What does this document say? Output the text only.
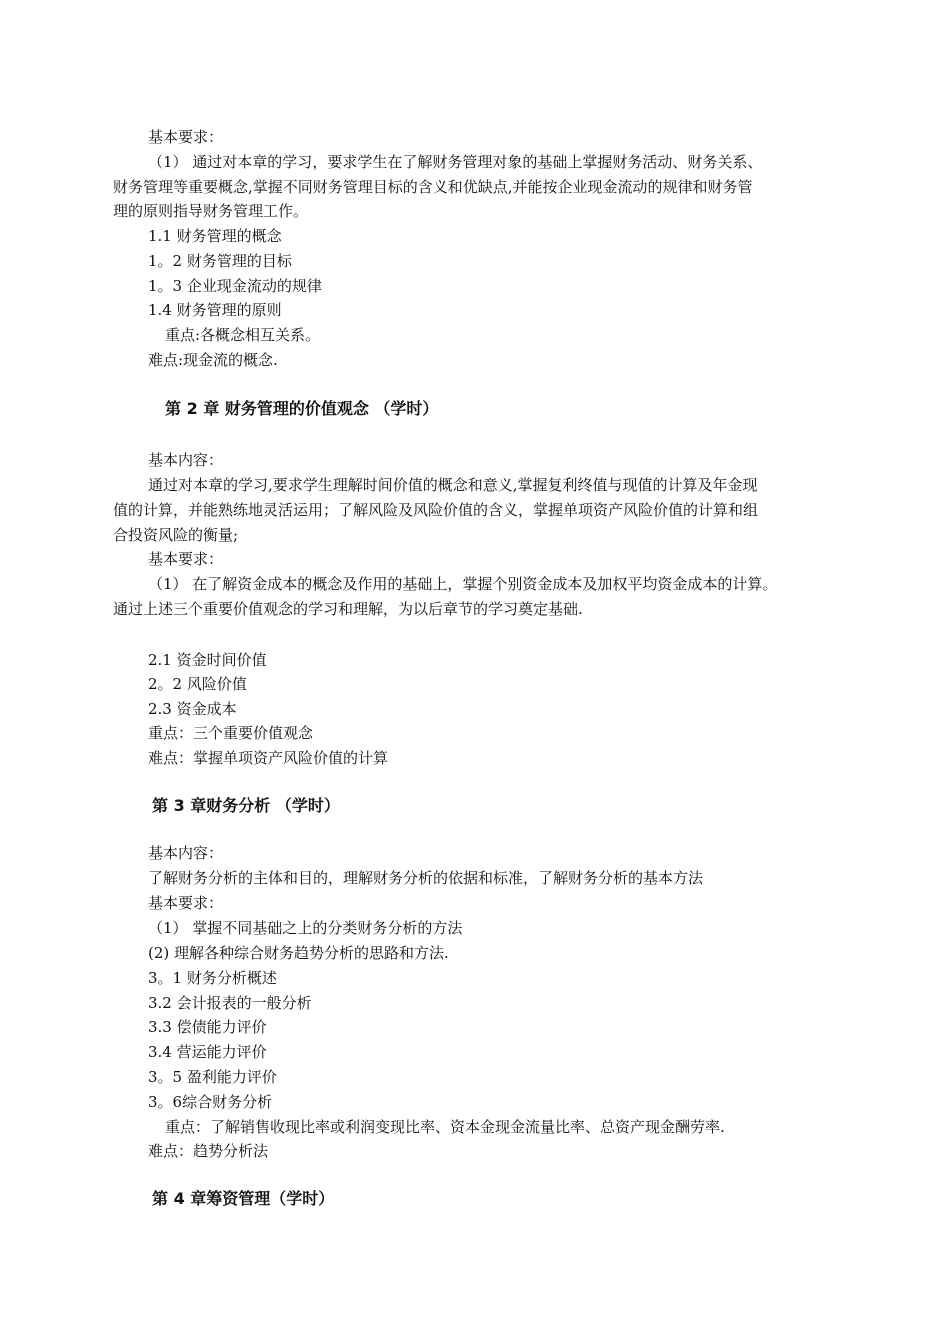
基本要求：
（1） 通过对本章的学习，要求学生在了解财务管理对象的基础上掌握财务活动、财务关系、
财务管理等重要概念,掌握不同财务管理目标的含义和优缺点,并能按企业现金流动的规律和财务管
理的原则指导财务管理工作。
1.1 财务管理的概念
1。2 财务管理的目标
1。3 企业现金流动的规律
1.4 财务管理的原则
重点:各概念相互关系。
难点:现金流的概念.
第 2 章 财务管理的价值观念 （学时）
基本内容：
通过对本章的学习,要求学生理解时间价值的概念和意义,掌握复利终值与现值的计算及年金现
值的计算，并能熟练地灵活运用；了解风险及风险价值的含义，掌握单项资产风险价值的计算和组
合投资风险的衡量;
基本要求：
（1） 在了解资金成本的概念及作用的基础上，掌握个别资金成本及加权平均资金成本的计算。
通过上述三个重要价值观念的学习和理解，为以后章节的学习奠定基础.
2.1 资金时间价值
2。2 风险价值
2.3 资金成本
重点：三个重要价值观念
难点：掌握单项资产风险价值的计算
第 3 章财务分析 （学时）
基本内容：
了解财务分析的主体和目的，理解财务分析的依据和标准，了解财务分析的基本方法
基本要求：
（1） 掌握不同基础之上的分类财务分析的方法
(2) 理解各种综合财务趋势分析的思路和方法.
3。1 财务分析概述
3.2 会计报表的一般分析
3.3 偿债能力评价
3.4 营运能力评价
3。5 盈利能力评价
3。6综合财务分析
重点：了解销售收现比率或利润变现比率、资本金现金流量比率、总资产现金酬劳率.
难点：趋势分析法
第 4 章筹资管理（学时）
